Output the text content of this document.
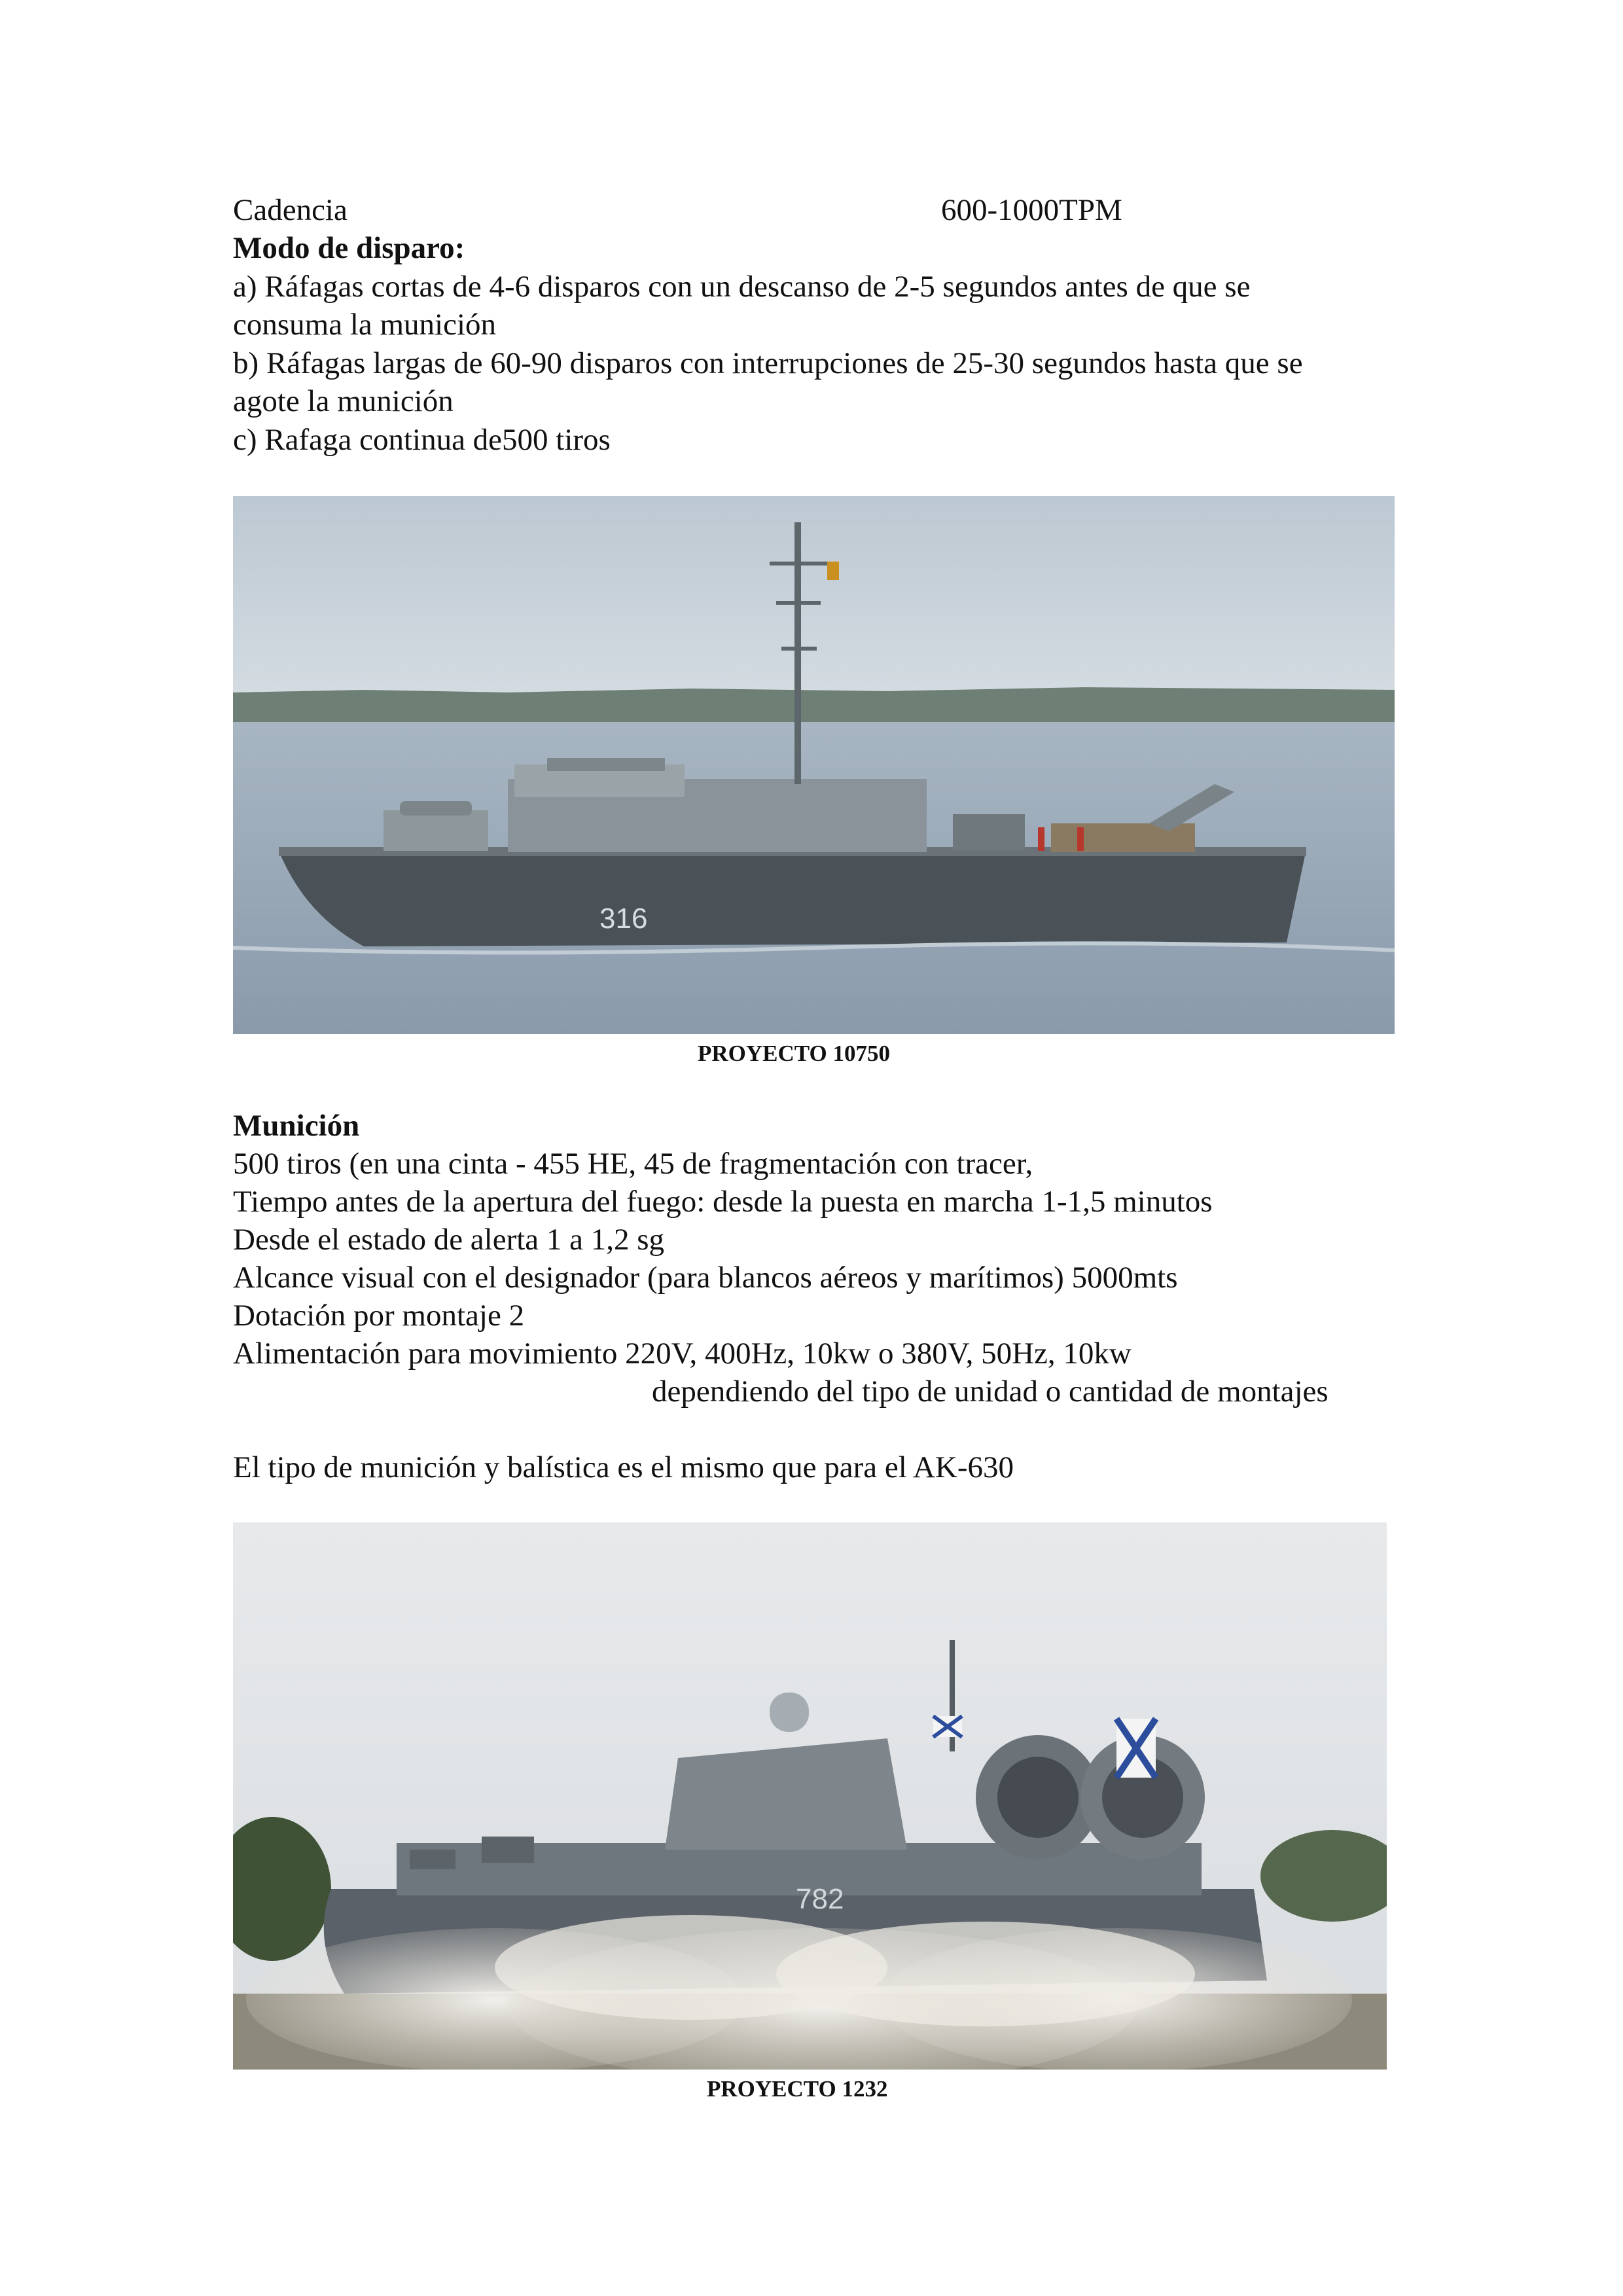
Cadencia	600-1000TPM
Modo de disparo:
a) Ráfagas cortas de 4-6 disparos con un descanso de 2-5 segundos antes de que se
consuma la munición
b) Ráfagas largas de 60-90 disparos con interrupciones de 25-30 segundos hasta que se
agote la munición
c) Rafaga continua de500 tiros
316
PROYECTO 10750
Munición
500 tiros (en una cinta - 455 HE, 45 de fragmentación con tracer,
Tiempo antes de la apertura del fuego: desde la puesta en marcha 1-1,5 minutos
Desde el estado de alerta 1 a 1,2 sg
Alcance visual con el designador (para blancos aéreos y marítimos) 5000mts
Dotación por montaje 2
Alimentación para movimiento 220V, 400Hz, 10kw o 380V, 50Hz, 10kw
dependiendo del tipo de unidad o cantidad de montajes
El tipo de munición y balística es el mismo que para el AK-630
782
PROYECTO 1232
